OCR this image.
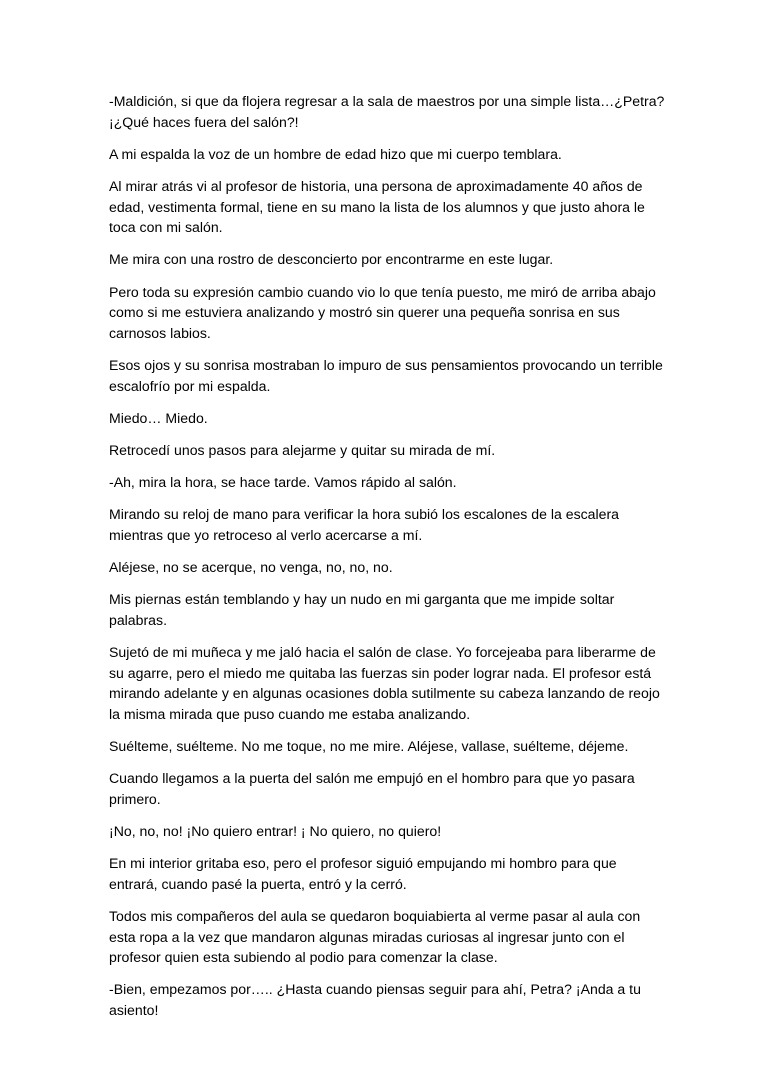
-Maldición, si que da flojera regresar a la sala de maestros por una simple lista…¿Petra? ¡¿Qué haces fuera del salón?!

A mi espalda la voz de un hombre de edad hizo que mi cuerpo temblara.

Al mirar atrás vi al profesor de historia, una persona de aproximadamente 40 años de edad, vestimenta formal, tiene en su mano la lista de los alumnos y que justo ahora le toca con mi salón.

Me mira con una rostro de desconcierto por encontrarme en este lugar.

Pero toda su expresión cambio cuando vio lo que tenía puesto, me miró de arriba abajo como si me estuviera analizando y mostró sin querer una pequeña sonrisa en sus carnosos labios.

Esos ojos y su sonrisa mostraban lo impuro de sus pensamientos provocando un terrible escalofrío por mi espalda.

Miedo… Miedo.

Retrocedí unos pasos para alejarme y quitar su mirada de mí.

-Ah, mira la hora, se hace tarde. Vamos rápido al salón.

Mirando su reloj de mano para verificar la hora subió los escalones de la escalera mientras que yo retroceso al verlo acercarse a mí.

Aléjese, no se acerque, no venga, no, no, no.

Mis piernas están temblando y hay un nudo en mi garganta que me impide soltar palabras.

Sujetó de mi muñeca y me jaló hacia el salón de clase. Yo forcejeaba para liberarme de su agarre, pero el miedo me quitaba las fuerzas sin poder lograr nada. El profesor está mirando adelante y en algunas ocasiones dobla sutilmente su cabeza lanzando de reojo la misma mirada que puso cuando me estaba analizando.

Suélteme, suélteme. No me toque, no me mire. Aléjese, vallase, suélteme, déjeme.

Cuando llegamos a la puerta del salón me empujó en el hombro para que yo pasara primero.

¡No, no, no! ¡No quiero entrar! ¡ No quiero, no quiero!

En mi interior gritaba eso, pero el profesor siguió empujando mi hombro para que entrará, cuando pasé la puerta, entró y la cerró.

Todos mis compañeros del aula se quedaron boquiabierta al verme pasar al aula con esta ropa a la vez que mandaron algunas miradas curiosas al ingresar junto con el profesor quien esta subiendo al podio para comenzar la clase.

-Bien, empezamos por….. ¿Hasta cuando piensas seguir para ahí, Petra? ¡Anda a tu asiento!
